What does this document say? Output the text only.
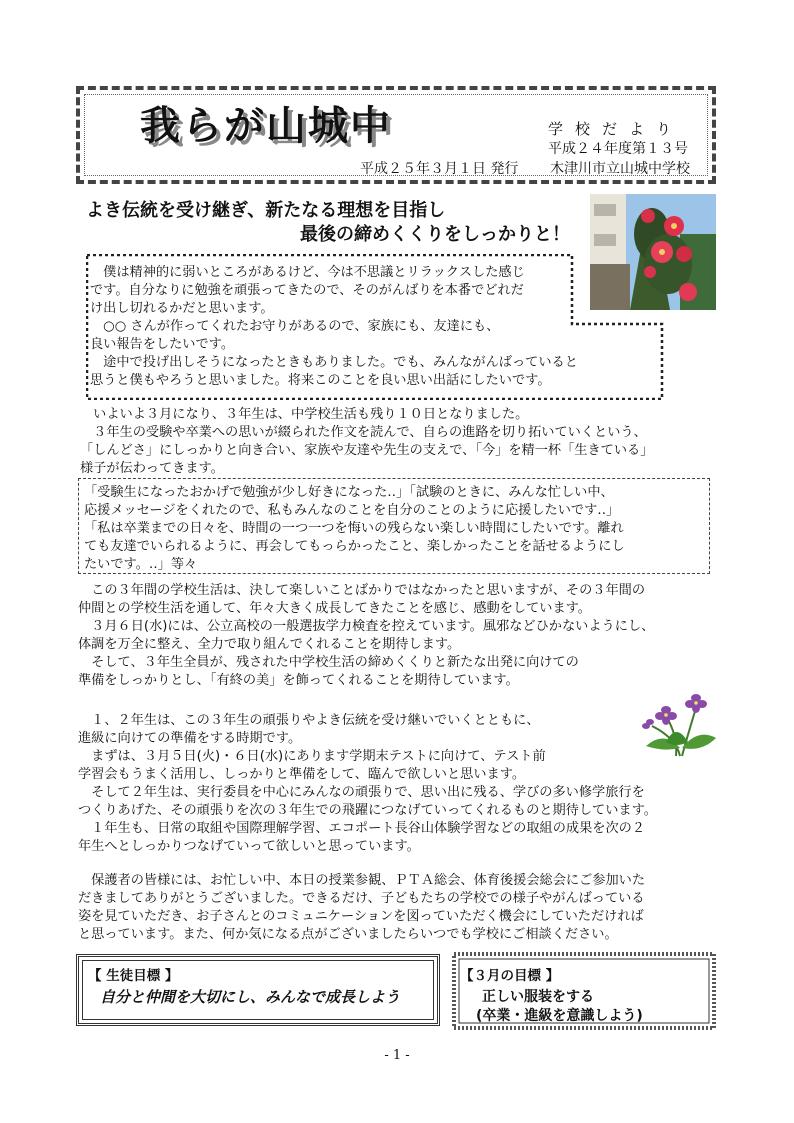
我らが山城中	学校だより
平成２４年度第１３号
平成２５年３月１日 発行 木津川市立山城中学校
よき伝統を受け継ぎ、新たなる理想を目指し
最後の締めくくりをしっかりと！
　僕は精神的に弱いところがあるけど、今は不思議とリラックスした感じ
です。自分なりに勉強を頑張ってきたので、そのがんばりを本番でどれだ
け出し切れるかだと思います。
　○○ さんが作ってくれたお守りがあるので、家族にも、友達にも、
良い報告をしたいです。
　途中で投げ出しそうになったときもありました。でも、みんながんばっていると
思うと僕もやろうと思いました。将来このことを良い思い出話にしたいです。
　いよいよ３月になり、３年生は、中学校生活も残り１０日となりました。
　３年生の受験や卒業への思いが綴られた作文を読んで、自らの進路を切り拓いていくという、
「しんどさ」にしっかりと向き合い、家族や友達や先生の支えで、「今」を精一杯「生きている」
様子が伝わってきます。
「受験生になったおかげで勉強が少し好きになった‥」「試験のときに、みんな忙しい中、
応援メッセージをくれたので、私もみんなのことを自分のことのように応援したいです‥」
「私は卒業までの日々を、時間の一つ一つを悔いの残らない楽しい時間にしたいです。離れ
ても友達でいられるように、再会してもっらかったこと、楽しかったことを話せるようにし
たいです。‥」等々
　この３年間の学校生活は、決して楽しいことばかりではなかったと思いますが、その３年間の
仲間との学校生活を通して、年々大きく成長してきたことを感じ、感動をしています。
　３月６日(水)には、公立高校の一般選抜学力検査を控えています。風邪などひかないようにし、
体調を万全に整え、全力で取り組んでくれることを期待します。
　そして、３年生全員が、残された中学校生活の締めくくりと新たな出発に向けての
準備をしっかりとし、「有終の美」を飾ってくれることを期待しています。
　１、２年生は、この３年生の頑張りやよき伝統を受け継いでいくとともに、
進級に向けての準備をする時期です。
　まずは、３月５日(火)・６日(水)にあります学期末テストに向けて、テスト前
学習会もうまく活用し、しっかりと準備をして、臨んで欲しいと思います。
　そして２年生は、実行委員を中心にみんなの頑張りで、思い出に残る、学びの多い修学旅行を
つくりあげた、その頑張りを次の３年生での飛躍につなげていってくれるものと期待しています。
　１年生も、日常の取組や国際理解学習、エコポート長谷山体験学習などの取組の成果を次の２
年生へとしっかりつなげていって欲しいと思っています。
　保護者の皆様には、お忙しい中、本日の授業参観、ＰＴＡ総会、体育後援会総会にご参加いた
だきましてありがとうございました。できるだけ、子どもたちの学校での様子やがんばっている
姿を見ていただき、お子さんとのコミュニケーションを図っていただく機会にしていただければ
と思っています。また、何か気になる点がございましたらいつでも学校にご相談ください。
【 生徒目標 】
自分と仲間を大切にし、みんなで成長しよう
【３月の目標 】
正しい服装をする
(卒業・進級を意識しよう)
- 1 -
